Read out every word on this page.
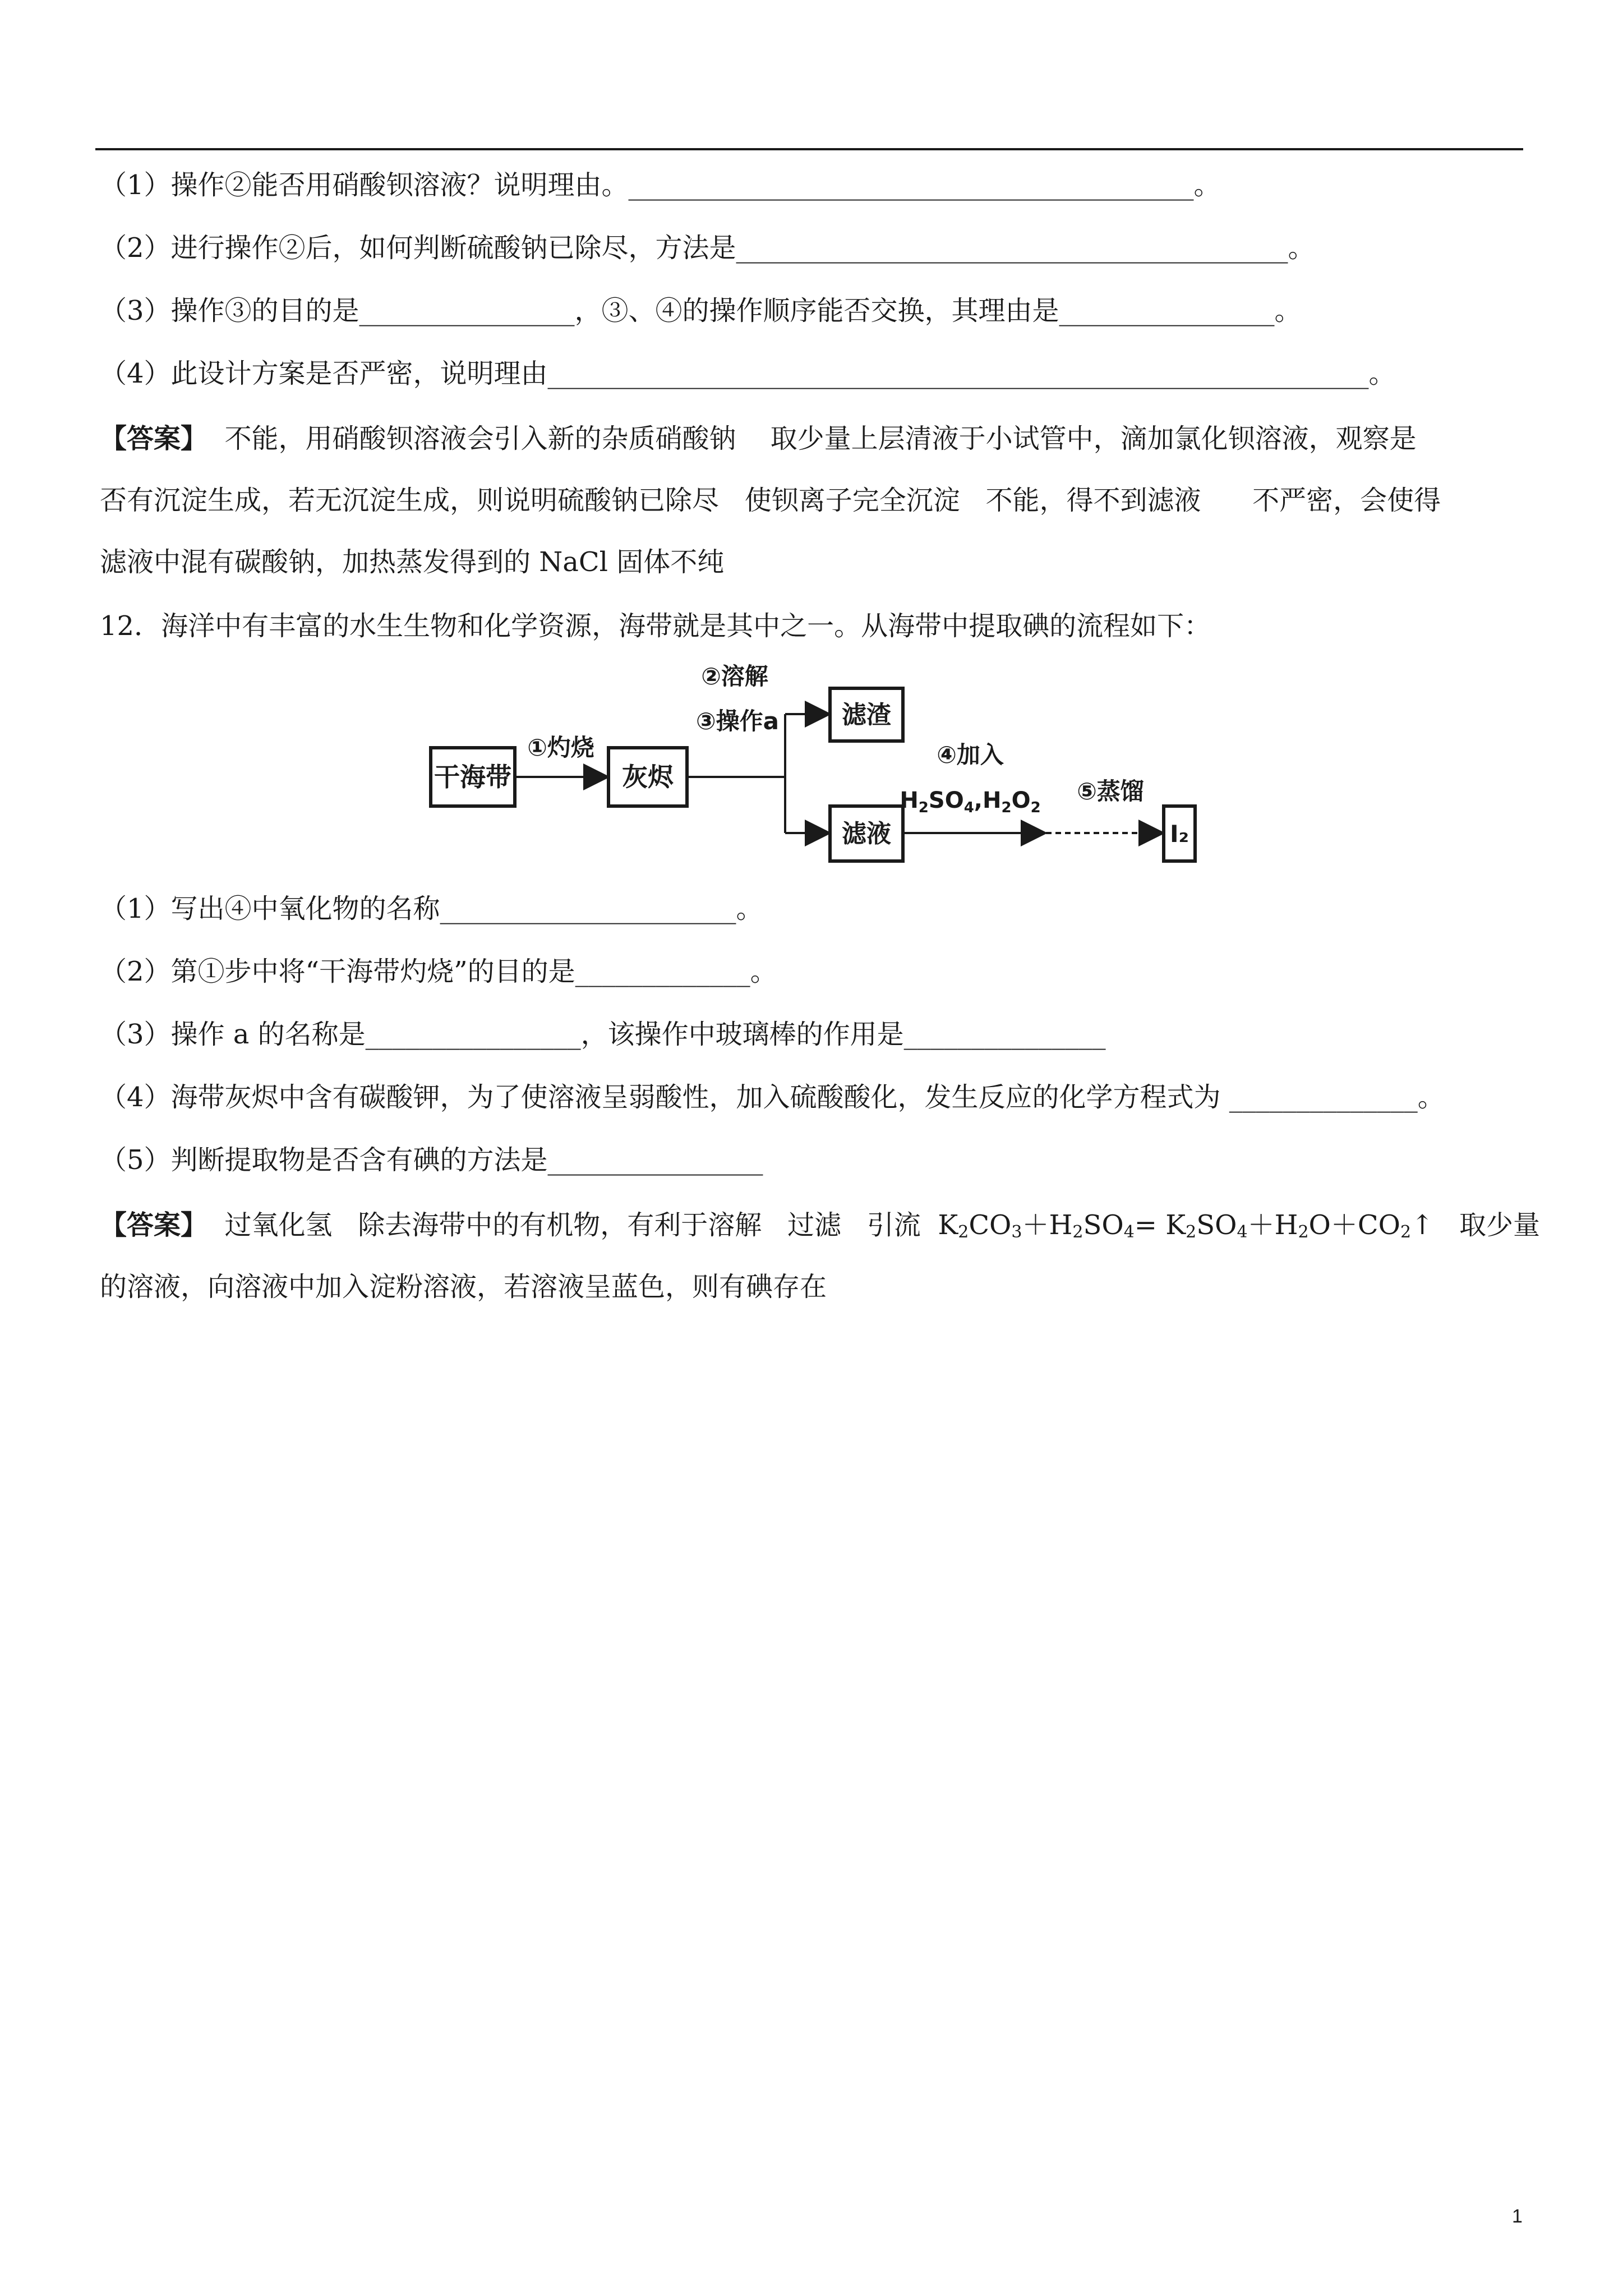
（1）操作②能否用硝酸钡溶液？说明理由。__________________________________________。
（2）进行操作②后，如何判断硫酸钠已除尽，方法是_________________________________________。
（3）操作③的目的是________________，③、④的操作顺序能否交换，其理由是________________。
（4）此设计方案是否严密，说明理由_____________________________________________________________。
【答案】  不能，用硝酸钡溶液会引入新的杂质硝酸钠    取少量上层清液于小试管中，滴加氯化钡溶液，观察是
否有沉淀生成，若无沉淀生成，则说明硫酸钠已除尽   使钡离子完全沉淀   不能，得不到滤液      不严密，会使得
滤液中混有碳酸钠，加热蒸发得到的 NaCl 固体不纯
12．海洋中有丰富的水生生物和化学资源，海带就是其中之一。从海带中提取碘的流程如下：
干海带
①灼烧
灰烬
②溶解
③操作a	滤渣
滤液
④加入
$H_2SO_4,H_2O_2$
⑤蒸馏
I₂
（1）写出④中氧化物的名称______________________。
（2）第①步中将“干海带灼烧”的目的是_____________。
（3）操作 a 的名称是________________，该操作中玻璃棒的作用是_______________
（4）海带灰烬中含有碳酸钾，为了使溶液呈弱酸性，加入硫酸酸化，发生反应的化学方程式为 ______________。
（5）判断提取物是否含有碘的方法是________________
【答案】  过氧化氢   除去海带中的有机物，有利于溶解   过滤   引流  $K_2CO_3+H_2SO_4=$ $K_2SO_4+H_2O+CO_2↑$   取少量
的溶液，向溶液中加入淀粉溶液，若溶液呈蓝色，则有碘存在
1
